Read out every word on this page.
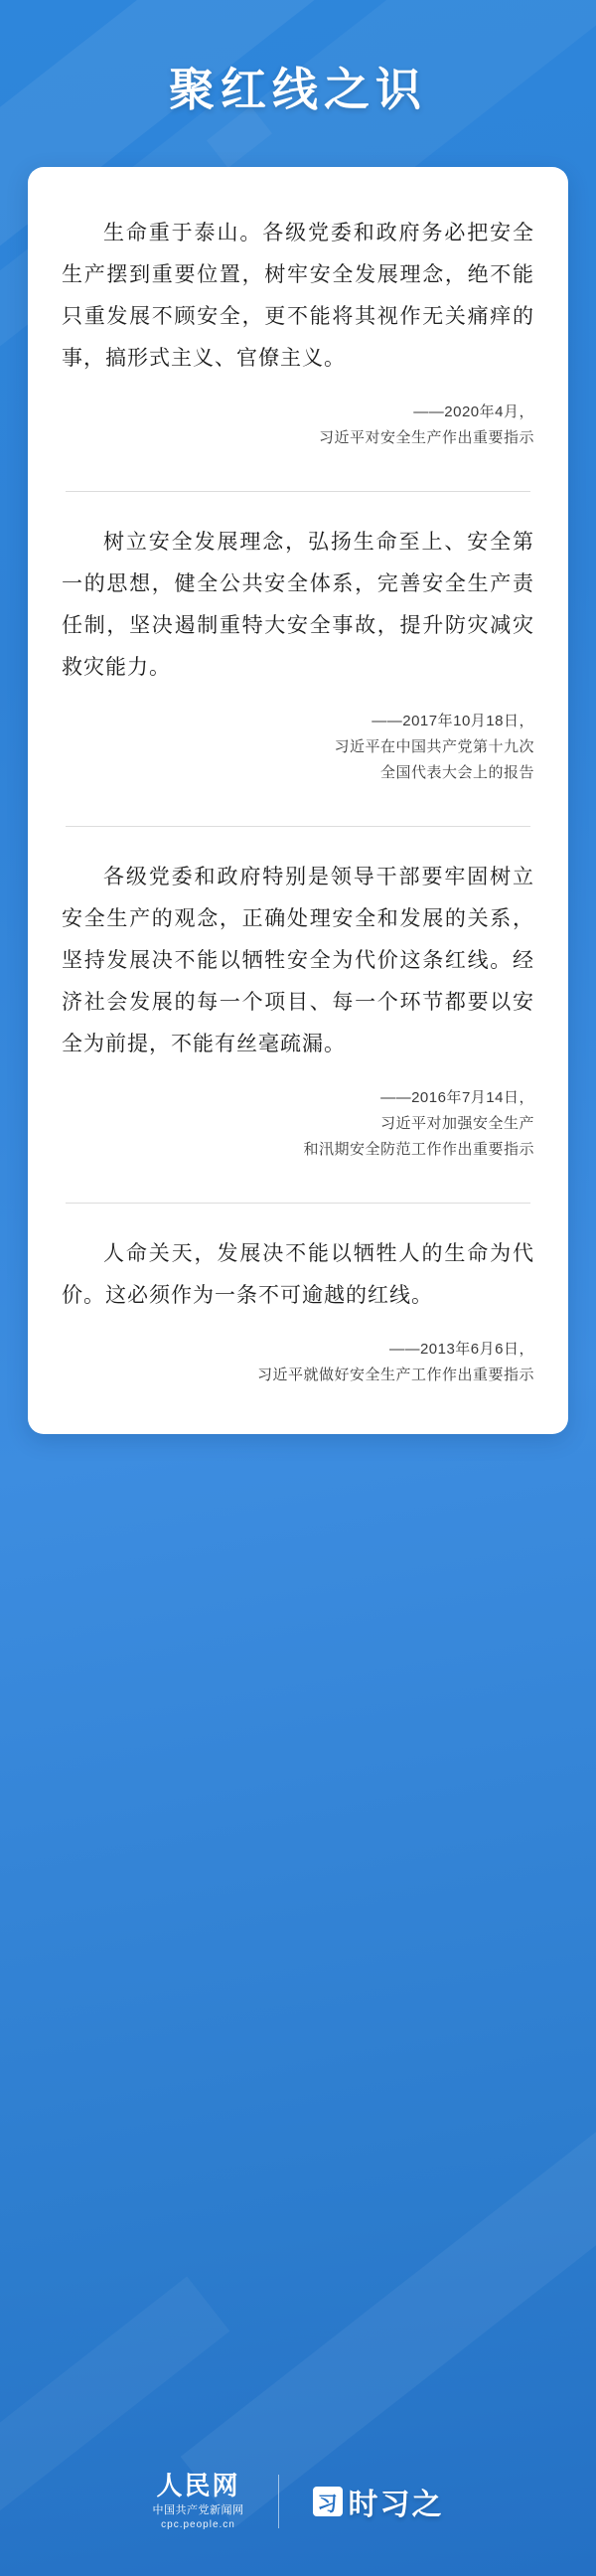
聚红线之识

生命重于泰山。各级党委和政府务必把安全生产摆到重要位置，树牢安全发展理念，绝不能只重发展不顾安全，更不能将其视作无关痛痒的事，搞形式主义、官僚主义。

——2020年4月，
习近平对安全生产作出重要指示

树立安全发展理念，弘扬生命至上、安全第一的思想，健全公共安全体系，完善安全生产责任制，坚决遏制重特大安全事故，提升防灾减灾救灾能力。

——2017年10月18日，
习近平在中国共产党第十九次
全国代表大会上的报告

各级党委和政府特别是领导干部要牢固树立安全生产的观念，正确处理安全和发展的关系，坚持发展决不能以牺牲安全为代价这条红线。经济社会发展的每一个项目、每一个环节都要以安全为前提，不能有丝毫疏漏。

——2016年7月14日，
习近平对加强安全生产
和汛期安全防范工作作出重要指示

人命关天，发展决不能以牺牲人的生命为代价。这必须作为一条不可逾越的红线。

——2013年6月6日，
习近平就做好安全生产工作作出重要指示
人民网
中国共产党新闻网
cpc.people.cn
习 时习之
